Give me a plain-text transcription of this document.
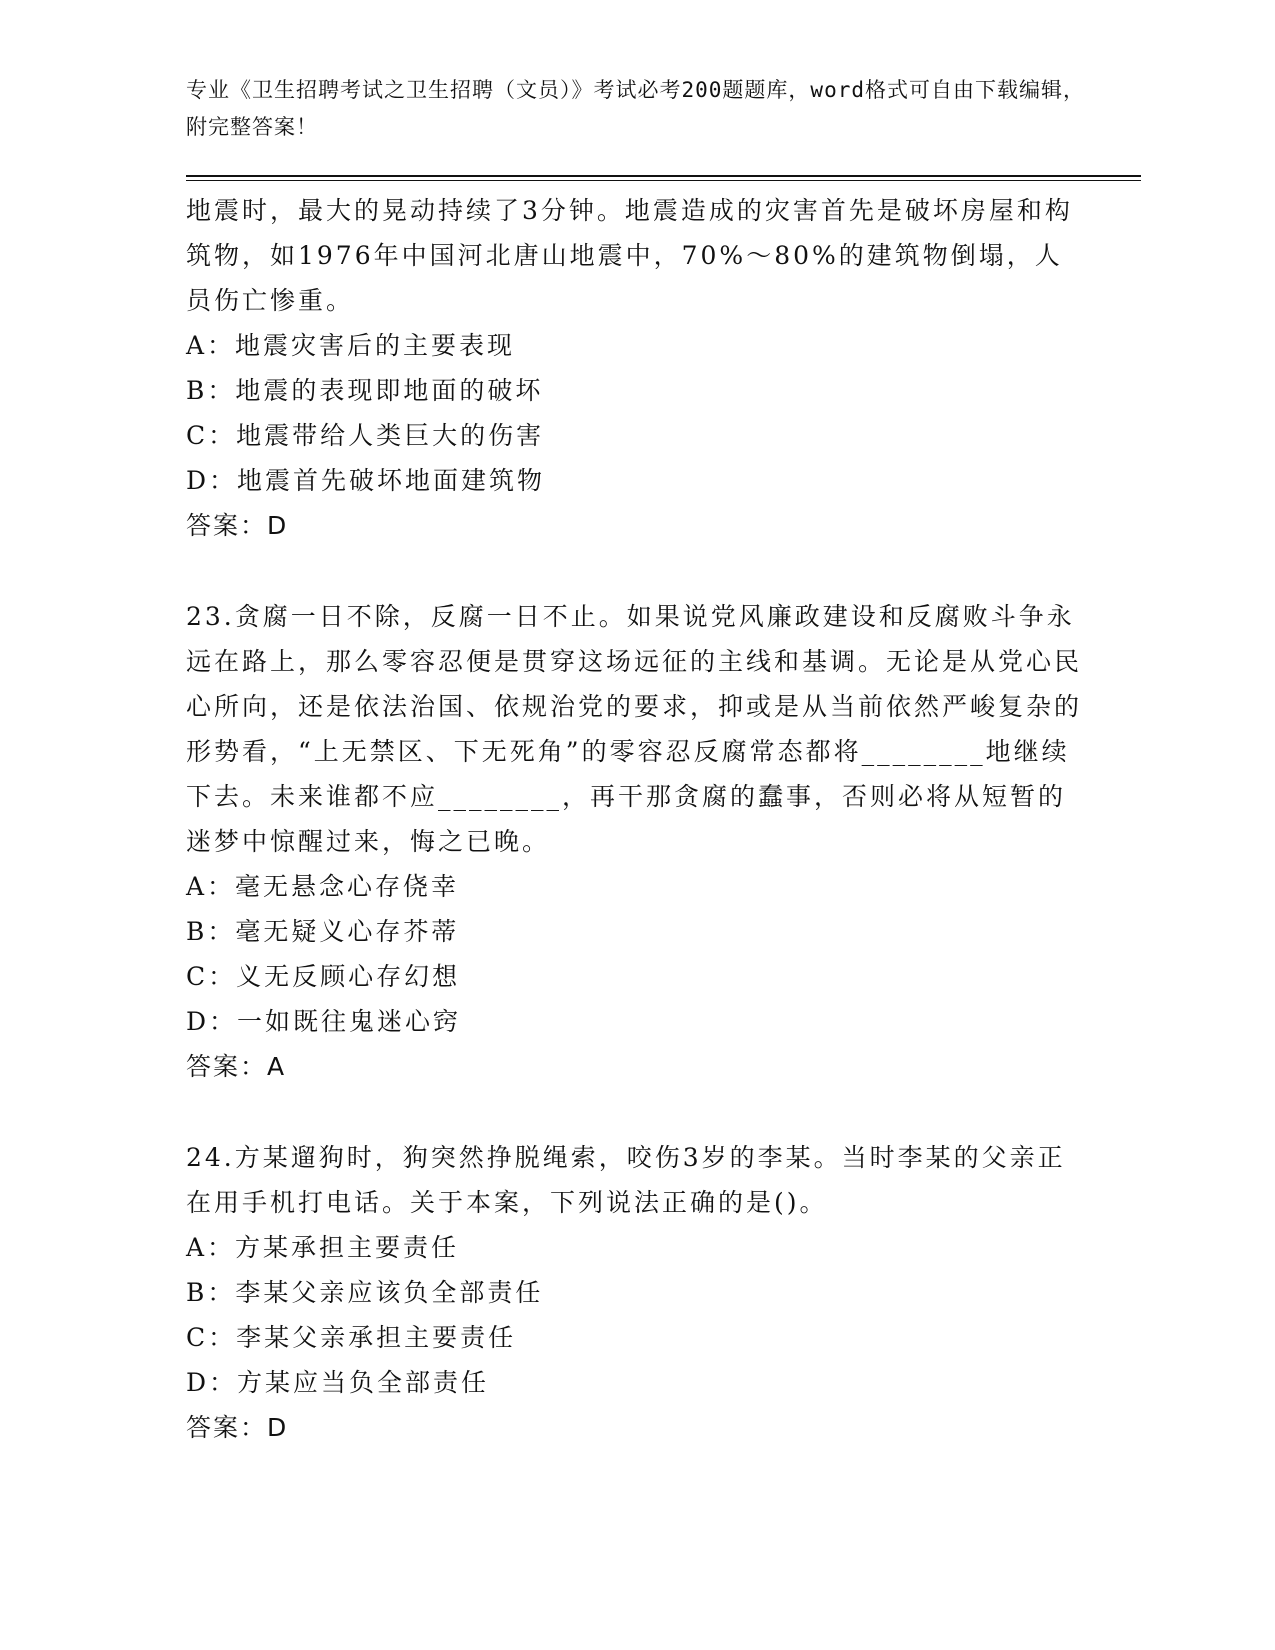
专业《卫生招聘考试之卫生招聘（文员）》考试必考200题题库，word格式可自由下载编辑，附完整答案！

地震时，最大的晃动持续了3分钟。地震造成的灾害首先是破坏房屋和构筑物，如1976年中国河北唐山地震中，70%～80%的建筑物倒塌，人员伤亡惨重。

A：地震灾害后的主要表现

B：地震的表现即地面的破坏

C：地震带给人类巨大的伤害

D：地震首先破坏地面建筑物

答案：D

23.贪腐一日不除，反腐一日不止。如果说党风廉政建设和反腐败斗争永远在路上，那么零容忍便是贯穿这场远征的主线和基调。无论是从党心民心所向，还是依法治国、依规治党的要求，抑或是从当前依然严峻复杂的形势看，“上无禁区、下无死角”的零容忍反腐常态都将________地继续下去。未来谁都不应________，再干那贪腐的蠢事，否则必将从短暂的迷梦中惊醒过来，悔之已晚。

A：毫无悬念心存侥幸

B：毫无疑义心存芥蒂

C：义无反顾心存幻想

D：一如既往鬼迷心窍

答案：A

24.方某遛狗时，狗突然挣脱绳索，咬伤3岁的李某。当时李某的父亲正在用手机打电话。关于本案，下列说法正确的是()。

A：方某承担主要责任

B：李某父亲应该负全部责任

C：李某父亲承担主要责任

D：方某应当负全部责任

答案：D
